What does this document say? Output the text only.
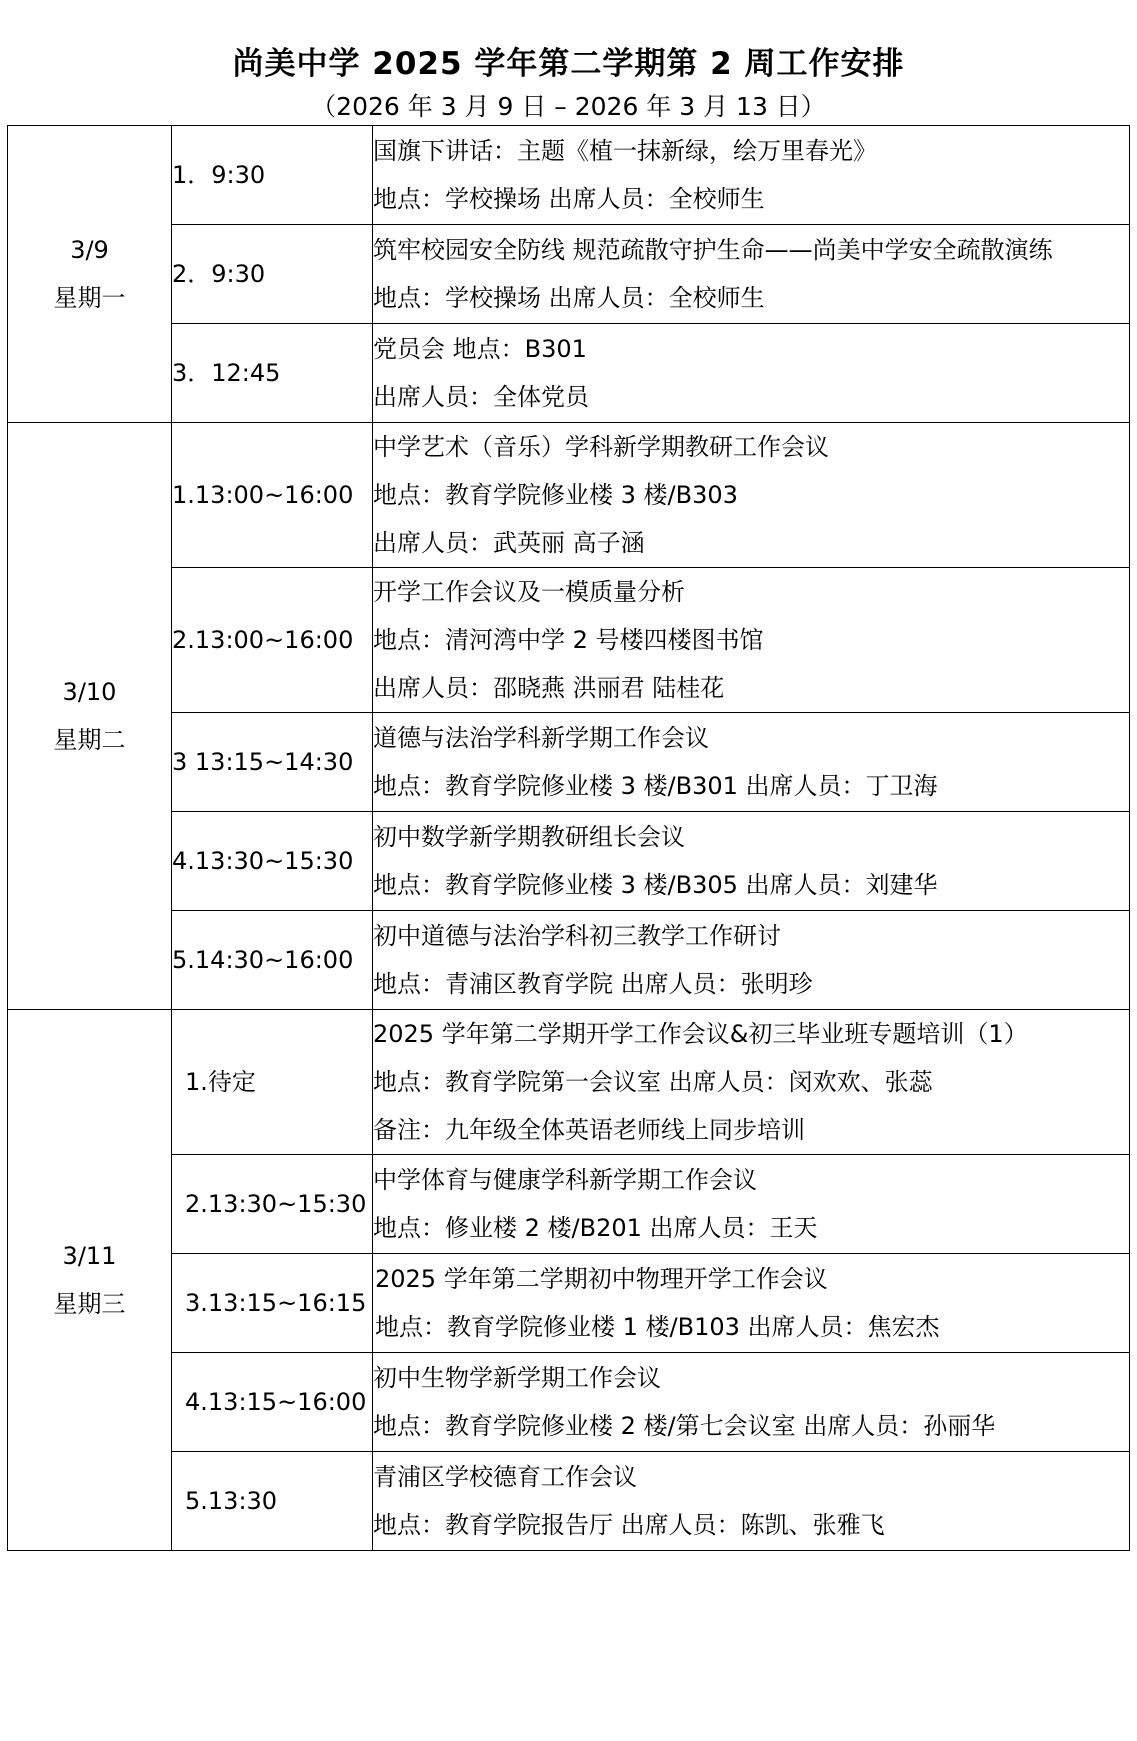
尚美中学 2025 学年第二学期第 2 周工作安排
（2026 年 3 月 9 日 – 2026 年 3 月 13 日）
3/9
星期一	1．9:30	国旗下讲话：主题《植一抹新绿，绘万里春光》
地点：学校操场 出席人员：全校师生

	2．9:30	筑牢校园安全防线 规范疏散守护生命——尚美中学安全疏散演练
地点：学校操场 出席人员：全校师生

	3．12:45	党员会 地点：B301
出席人员：全体党员

3/10
星期二	1.13:00~16:00	中学艺术（音乐）学科新学期教研工作会议
地点：教育学院修业楼 3 楼/B303
出席人员：武英丽 高子涵

	2.13:00~16:00	开学工作会议及一模质量分析
地点：清河湾中学 2 号楼四楼图书馆
出席人员：邵晓燕 洪丽君 陆桂花

	3 13:15~14:30	道德与法治学科新学期工作会议
地点：教育学院修业楼 3 楼/B301 出席人员：丁卫海

	4.13:30~15:30	初中数学新学期教研组长会议
地点：教育学院修业楼 3 楼/B305 出席人员：刘建华

	5.14:30~16:00	初中道德与法治学科初三教学工作研讨
地点：青浦区教育学院 出席人员：张明珍

3/11
星期三	1.待定	2025 学年第二学期开学工作会议&初三毕业班专题培训（1）
地点：教育学院第一会议室 出席人员：闵欢欢、张蕊
备注：九年级全体英语老师线上同步培训

	2.13:30~15:30	中学体育与健康学科新学期工作会议
地点：修业楼 2 楼/B201 出席人员：王天

	3.13:15~16:15	2025 学年第二学期初中物理开学工作会议
地点：教育学院修业楼 1 楼/B103 出席人员：焦宏杰

	4.13:15~16:00	初中生物学新学期工作会议
地点：教育学院修业楼 2 楼/第七会议室 出席人员：孙丽华

	5.13:30	青浦区学校德育工作会议
地点：教育学院报告厅 出席人员：陈凯、张雅飞
